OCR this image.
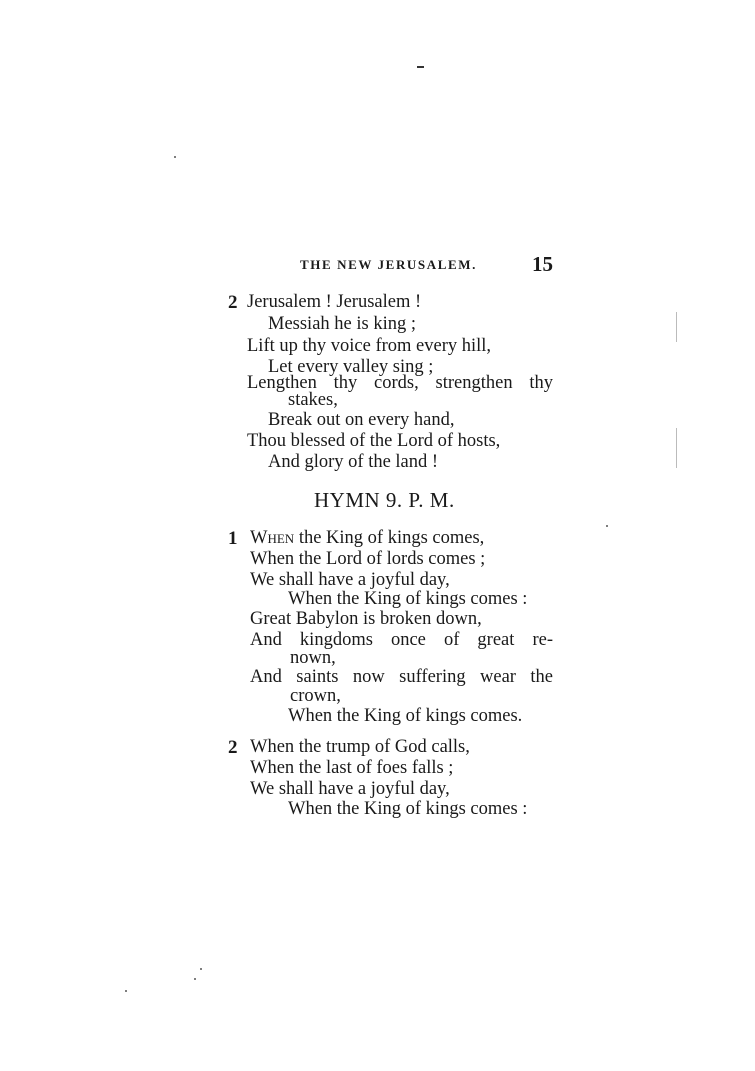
THE NEW JERUSALEM.	15
2 Jerusalem ! Jerusalem !
Messiah he is king ;
Lift up thy voice from every hill,
Let every valley sing ;
Lengthen thy cords, strengthen thy
stakes,
Break out on every hand,
Thou blessed of the Lord of hosts,
And glory of the land !
HYMN 9. P. M.
1 When the King of kings comes,
When the Lord of lords comes ;
We shall have a joyful day,
When the King of kings comes :
Great Babylon is broken down,
And kingdoms once of great re-
nown,
And saints now suffering wear the
crown,
When the King of kings comes.
2 When the trump of God calls,
When the last of foes falls ;
We shall have a joyful day,
When the King of kings comes :
